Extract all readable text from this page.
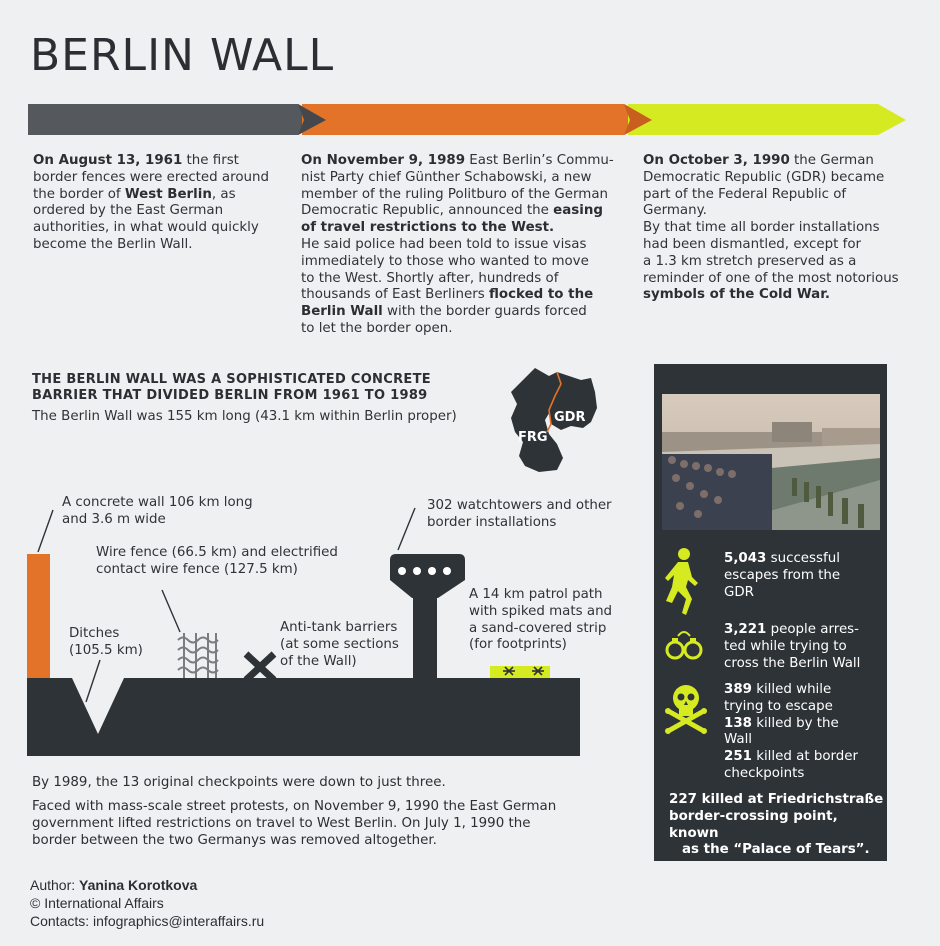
BERLIN WALL
On August 13, 1961 the first
border fences were erected around
the border of West Berlin, as
ordered by the East German
authorities, in what would quickly
become the Berlin Wall.
On November 9, 1989 East Berlin’s Commu-
nist Party chief Günther Schabowski, a new
member of the ruling Politburo of the German
Democratic Republic, announced the easing
of travel restrictions to the West.
He said police had been told to issue visas
immediately to those who wanted to move
to the West. Shortly after, hundreds of
thousands of East Berliners flocked to the
Berlin Wall with the border guards forced
to let the border open.
On October 3, 1990 the German
Democratic Republic (GDR) became
part of the Federal Republic of
Germany.
By that time all border installations
had been dismantled, except for
a 1.3 km stretch preserved as a
reminder of one of the most notorious
symbols of the Cold War.
THE BERLIN WALL WAS A SOPHISTICATED CONCRETE
BARRIER THAT DIVIDED BERLIN FROM 1961 TO 1989
The Berlin Wall was 155 km long (43.1 km within Berlin proper)
FRG
GDR
A concrete wall 106 km long
and 3.6 m wide
Wire fence (66.5 km) and electrified
contact wire fence (127.5 km)
Ditches
(105.5 km)
Anti-tank barriers
(at some sections
of the Wall)
302 watchtowers and other
border installations
A 14 km patrol path
with spiked mats and
a sand-covered strip
(for footprints)
By 1989, the 13 original checkpoints were down to just three.
Faced with mass-scale street protests, on November 9, 1990 the East German
government lifted restrictions on travel to West Berlin. On July 1, 1990 the
border between the two Germanys was removed altogether.
5,043 successful
escapes from the
GDR
3,221 people arres-
ted while trying to
cross the Berlin Wall
389 killed while
trying to escape
138 killed by the
Wall
251 killed at border
checkpoints
227 killed at Friedrichstraße
border-crossing point, known
as the “Palace of Tears”.
Author: Yanina Korotkova
© International Affairs
Contacts: infographics@interaffairs.ru
